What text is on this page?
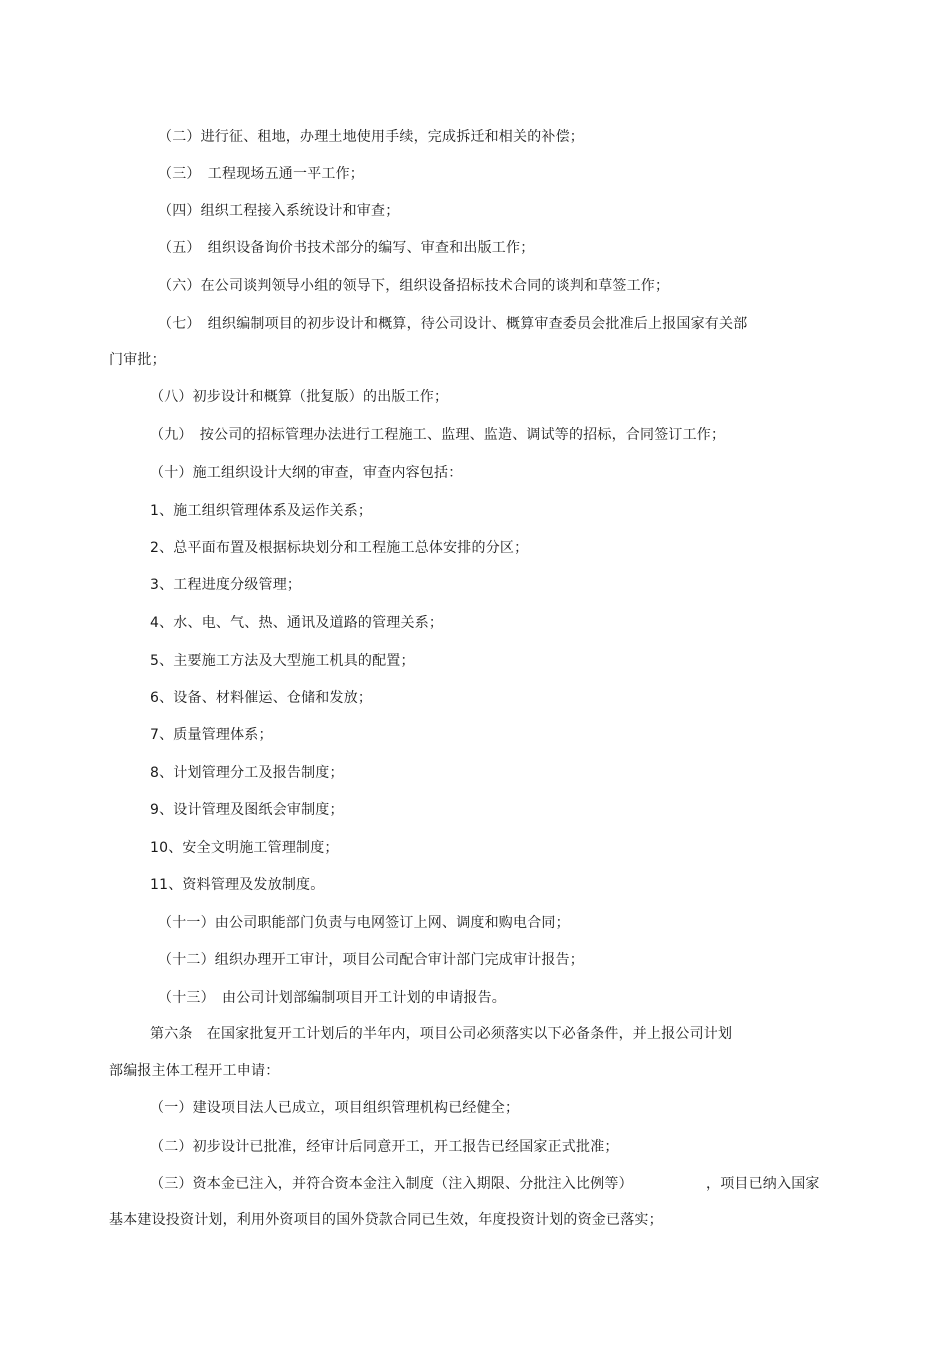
（二）进行征、租地，办理土地使用手续，完成拆迁和相关的补偿；

（三）　工程现场五通一平工作；

（四）组织工程接入系统设计和审查；

（五）　组织设备询价书技术部分的编写、审查和出版工作；

（六）在公司谈判领导小组的领导下，组织设备招标技术合同的谈判和草签工作；

（七）　组织编制项目的初步设计和概算，待公司设计、概算审查委员会批准后上报国家有关部

门审批；

（八）初步设计和概算（批复版）的出版工作；

（九）　按公司的招标管理办法进行工程施工、监理、监造、调试等的招标，合同签订工作；

（十）施工组织设计大纲的审查，审查内容包括：

1、施工组织管理体系及运作关系；

2、总平面布置及根据标块划分和工程施工总体安排的分区；

3、工程进度分级管理；

4、水、电、气、热、通讯及道路的管理关系；

5、主要施工方法及大型施工机具的配置；

6、设备、材料催运、仓储和发放；

7、质量管理体系；

8、计划管理分工及报告制度；

9、设计管理及图纸会审制度；

10、安全文明施工管理制度；

11、资料管理及发放制度。

（十一）由公司职能部门负责与电网签订上网、调度和购电合同；

（十二）组织办理开工审计，项目公司配合审计部门完成审计报告；

（十三）　由公司计划部编制项目开工计划的申请报告。

第六条　在国家批复开工计划后的半年内，项目公司必须落实以下必备条件，并上报公司计划

部编报主体工程开工申请：

（一）建设项目法人已成立，项目组织管理机构已经健全；

（二）初步设计已批准，经审计后同意开工，开工报告已经国家正式批准；

（三）资本金已注入，并符合资本金注入制度（注入期限、分批注入比例等）	，项目已纳入国家

基本建设投资计划，利用外资项目的国外贷款合同已生效，年度投资计划的资金已落实；
